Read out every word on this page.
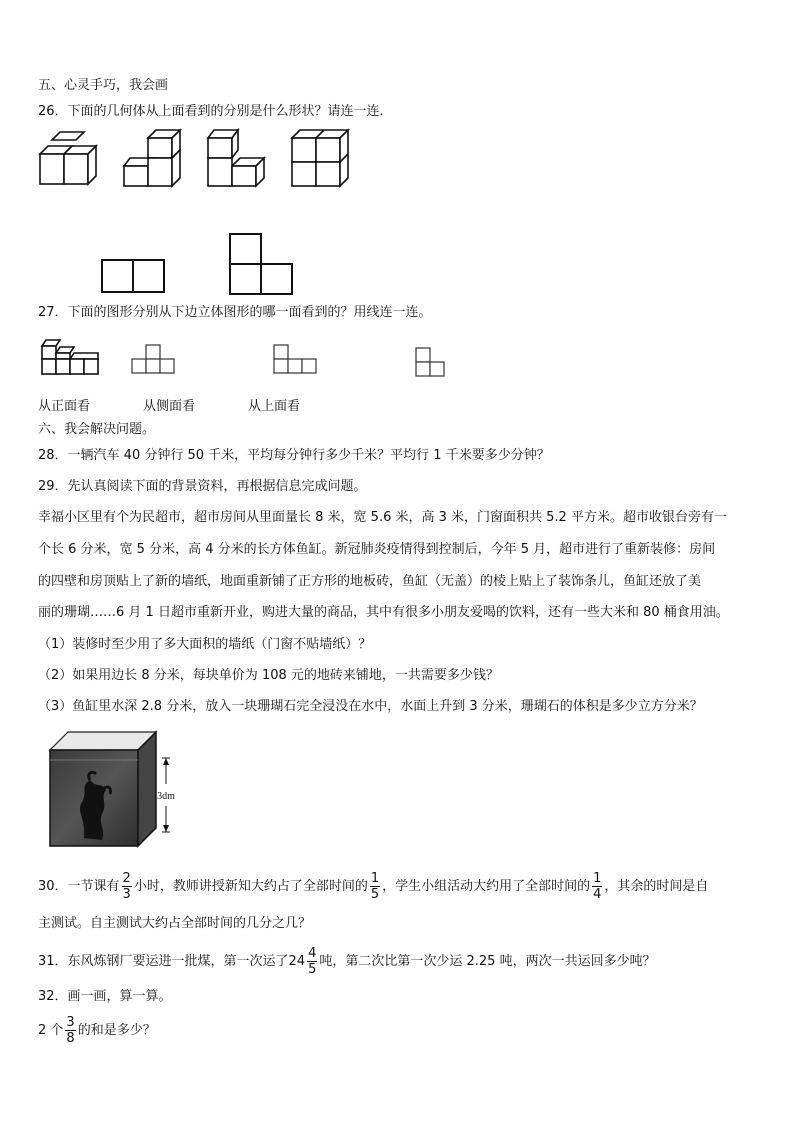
五、心灵手巧，我会画
26．下面的几何体从上面看到的分别是什么形状？请连一连．
27．下面的图形分别从下边立体图形的哪一面看到的？用线连一连。
从正面看	从侧面看	从上面看
六、我会解决问题。
28．一辆汽车 40 分钟行 50 千米，平均每分钟行多少千米？平均行 1 千米要多少分钟？
29．先认真阅读下面的背景资料，再根据信息完成问题。
幸福小区里有个为民超市，超市房间从里面量长 8 米，宽 5.6 米，高 3 米，门窗面积共 5.2 平方米。超市收银台旁有一
个长 6 分米，宽 5 分米，高 4 分米的长方体鱼缸。新冠肺炎疫情得到控制后，今年 5 月，超市进行了重新装修：房间
的四壁和房顶贴上了新的墙纸，地面重新铺了正方形的地板砖，鱼缸（无盖）的棱上贴上了装饰条儿，鱼缸还放了美
丽的珊瑚……6 月 1 日超市重新开业，购进大量的商品，其中有很多小朋友爱喝的饮料，还有一些大米和 80 桶食用油。
（1）装修时至少用了多大面积的墙纸（门窗不贴墙纸）？
（2）如果用边长 8 分米，每块单价为 108 元的地砖来铺地，一共需要多少钱？
（3）鱼缸里水深 2.8 分米，放入一块珊瑚石完全浸没在水中，水面上升到 3 分米，珊瑚石的体积是多少立方分米？
3dm
30．一节课有 $\frac{2}{3}$ 小时，教师讲授新知大约占了全部时间的 $\frac{1}{5}$ ，学生小组活动大约用了全部时间的 $\frac{1}{4}$ ，其余的时间是自
主测试。自主测试大约占全部时间的几分之几？
31．东风炼钢厂要运进一批煤，第一次运了$24 \frac{4}{5}$ 吨，第二次比第一次少运 2.25 吨，两次一共运回多少吨？
32．画一画，算一算。
2 个 $\frac{3}{8}$ 的和是多少？
